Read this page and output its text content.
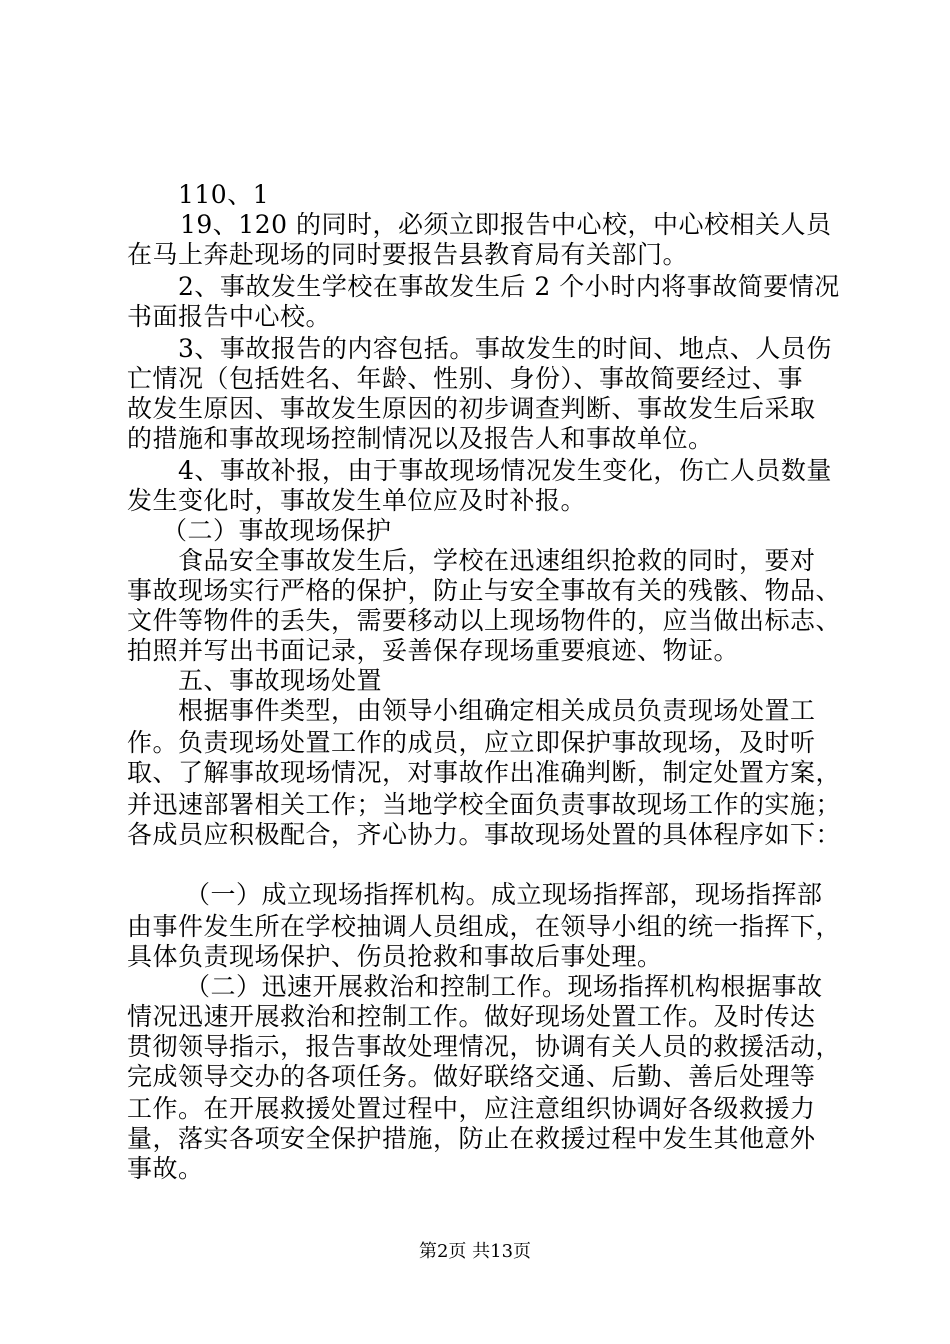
110、1
19、120 的同时，必须立即报告中心校，中心校相关人员
在马上奔赴现场的同时要报告县教育局有关部门。
2、事故发生学校在事故发生后 2 个小时内将事故简要情况
书面报告中心校。
3、事故报告的内容包括。事故发生的时间、地点、人员伤
亡情况（包括姓名、年龄、性别、身份）、事故简要经过、事
故发生原因、事故发生原因的初步调查判断、事故发生后采取
的措施和事故现场控制情况以及报告人和事故单位。
4、事故补报，由于事故现场情况发生变化，伤亡人员数量
发生变化时，事故发生单位应及时补报。
（二）事故现场保护
食品安全事故发生后，学校在迅速组织抢救的同时，要对
事故现场实行严格的保护，防止与安全事故有关的残骸、物品、
文件等物件的丢失，需要移动以上现场物件的，应当做出标志、
拍照并写出书面记录，妥善保存现场重要痕迹、物证。
五、事故现场处置
根据事件类型，由领导小组确定相关成员负责现场处置工
作。负责现场处置工作的成员，应立即保护事故现场，及时听
取、了解事故现场情况，对事故作出准确判断，制定处置方案，
并迅速部署相关工作；当地学校全面负责事故现场工作的实施；
各成员应积极配合，齐心协力。事故现场处置的具体程序如下：
（一）成立现场指挥机构。成立现场指挥部，现场指挥部
由事件发生所在学校抽调人员组成，在领导小组的统一指挥下，
具体负责现场保护、伤员抢救和事故后事处理。
（二）迅速开展救治和控制工作。现场指挥机构根据事故
情况迅速开展救治和控制工作。做好现场处置工作。及时传达
贯彻领导指示，报告事故处理情况，协调有关人员的救援活动，
完成领导交办的各项任务。做好联络交通、后勤、善后处理等
工作。在开展救援处置过程中，应注意组织协调好各级救援力
量，落实各项安全保护措施，防止在救援过程中发生其他意外
事故。
第2页 共13页
